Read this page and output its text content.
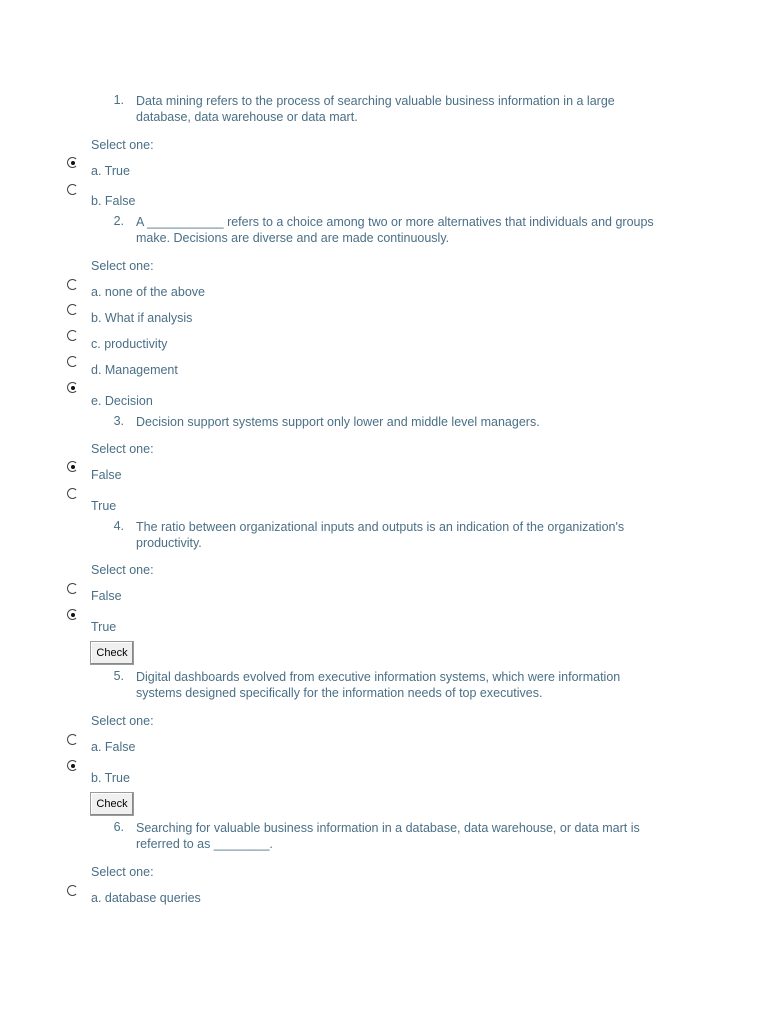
1. Data mining refers to the process of searching valuable business information in a large database, data warehouse or data mart.
Select one:
a. True
b. False
2. A ___________ refers to a choice among two or more alternatives that individuals and groups make. Decisions are diverse and are made continuously.
Select one:
a. none of the above
b. What if analysis
c. productivity
d. Management
e. Decision
3. Decision support systems support only lower and middle level managers.
Select one:
False
True
4. The ratio between organizational inputs and outputs is an indication of the organization's productivity.
Select one:
False
True
Check
5. Digital dashboards evolved from executive information systems, which were information systems designed specifically for the information needs of top executives.
Select one:
a. False
b. True
Check
6. Searching for valuable business information in a database, data warehouse, or data mart is referred to as ________.
Select one:
a. database queries
